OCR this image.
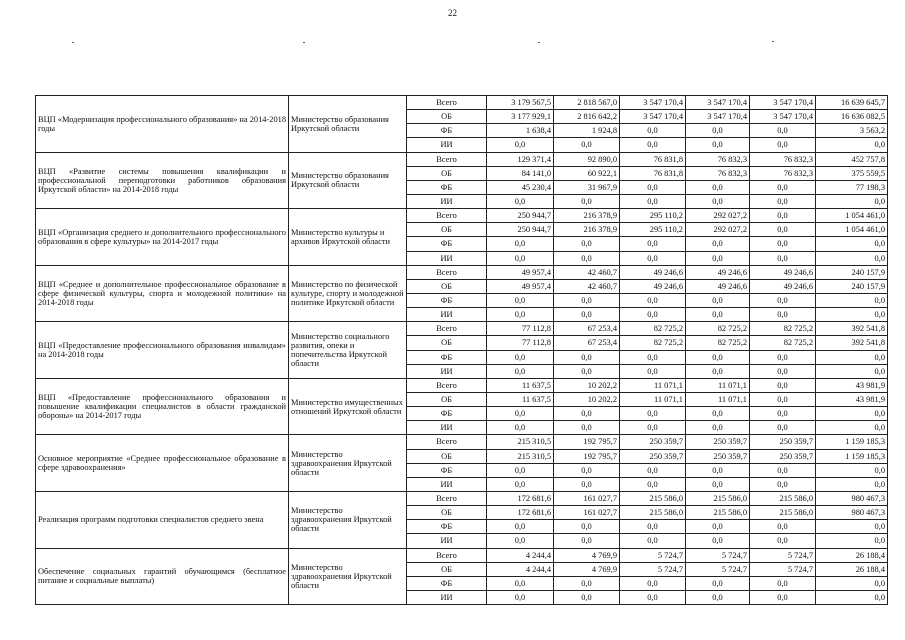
22
ВЦП «Модернизация профессионального образования» на 2014-2018 годы	Министерство образования Иркутской области	Всего	3 179 567,5	2 818 567,0	3 547 170,4	3 547 170,4	3 547 170,4	16 639 645,7
		ОБ	3 177 929,1	2 816 642,2	3 547 170,4	3 547 170,4	3 547 170,4	16 636 082,5
		ФБ	1 638,4	1 924,8	0,0	0,0	0,0	3 563,2
		ИИ	0,0	0,0	0,0	0,0	0,0	0,0
ВЦП «Развитие системы повышения квалификации и профессиональной переподготовки работников образования Иркутской области» на 2014-2018 годы	Министерство образования Иркутской области	Всего	129 371,4	92 890,0	76 831,8	76 832,3	76 832,3	452 757,8
		ОБ	84 141,0	60 922,1	76 831,8	76 832,3	76 832,3	375 559,5
		ФБ	45 230,4	31 967,9	0,0	0,0	0,0	77 198,3
		ИИ	0,0	0,0	0,0	0,0	0,0	0,0
ВЦП «Организация среднего и дополнительного профессионального образования в сфере культуры» на 2014-2017 годы	Министерство культуры и архивов Иркутской области	Всего	250 944,7	216 378,9	295 110,2	292 027,2	0,0	1 054 461,0
		ОБ	250 944,7	216 378,9	295 110,2	292 027,2	0,0	1 054 461,0
		ФБ	0,0	0,0	0,0	0,0	0,0	0,0
		ИИ	0,0	0,0	0,0	0,0	0,0	0,0
ВЦП «Среднее и дополнительное профессиональное образование в сфере физической культуры, спорта и молодежной политики» на 2014-2018 годы	Министерство по физической культуре, спорту и молодежной политике Иркутской области	Всего	49 957,4	42 460,7	49 246,6	49 246,6	49 246,6	240 157,9
		ОБ	49 957,4	42 460,7	49 246,6	49 246,6	49 246,6	240 157,9
		ФБ	0,0	0,0	0,0	0,0	0,0	0,0
		ИИ	0,0	0,0	0,0	0,0	0,0	0,0
ВЦП «Предоставление профессионального образования инвалидам» на 2014-2018 годы	Министерство социального развития, опеки и попечительства Иркутской области	Всего	77 112,8	67 253,4	82 725,2	82 725,2	82 725,2	392 541,8
		ОБ	77 112,8	67 253,4	82 725,2	82 725,2	82 725,2	392 541,8
		ФБ	0,0	0,0	0,0	0,0	0,0	0,0
		ИИ	0,0	0,0	0,0	0,0	0,0	0,0
ВЦП «Предоставление профессионального образования и повышение квалификации специалистов в области гражданской обороны» на 2014-2017 годы	Министерство имущественных отношений Иркутской области	Всего	11 637,5	10 202,2	11 071,1	11 071,1	0,0	43 981,9
		ОБ	11 637,5	10 202,2	11 071,1	11 071,1	0,0	43 981,9
		ФБ	0,0	0,0	0,0	0,0	0,0	0,0
		ИИ	0,0	0,0	0,0	0,0	0,0	0,0
Основное мероприятие «Среднее профессиональное образование в сфере здравоохранения»	Министерство здравоохранения Иркутской области	Всего	215 310,5	192 795,7	250 359,7	250 359,7	250 359,7	1 159 185,3
		ОБ	215 310,5	192 795,7	250 359,7	250 359,7	250 359,7	1 159 185,3
		ФБ	0,0	0,0	0,0	0,0	0,0	0,0
		ИИ	0,0	0,0	0,0	0,0	0,0	0,0
Реализация программ подготовки специалистов среднего звена	Министерство здравоохранения Иркутской области	Всего	172 681,6	161 027,7	215 586,0	215 586,0	215 586,0	980 467,3
		ОБ	172 681,6	161 027,7	215 586,0	215 586,0	215 586,0	980 467,3
		ФБ	0,0	0,0	0,0	0,0	0,0	0,0
		ИИ	0,0	0,0	0,0	0,0	0,0	0,0
Обеспечение социальных гарантий обучающимся (бесплатное питание и социальные выплаты)	Министерство здравоохранения Иркутской области	Всего	4 244,4	4 769,9	5 724,7	5 724,7	5 724,7	26 188,4
		ОБ	4 244,4	4 769,9	5 724,7	5 724,7	5 724,7	26 188,4
		ФБ	0,0	0,0	0,0	0,0	0,0	0,0
		ИИ	0,0	0,0	0,0	0,0	0,0	0,0
